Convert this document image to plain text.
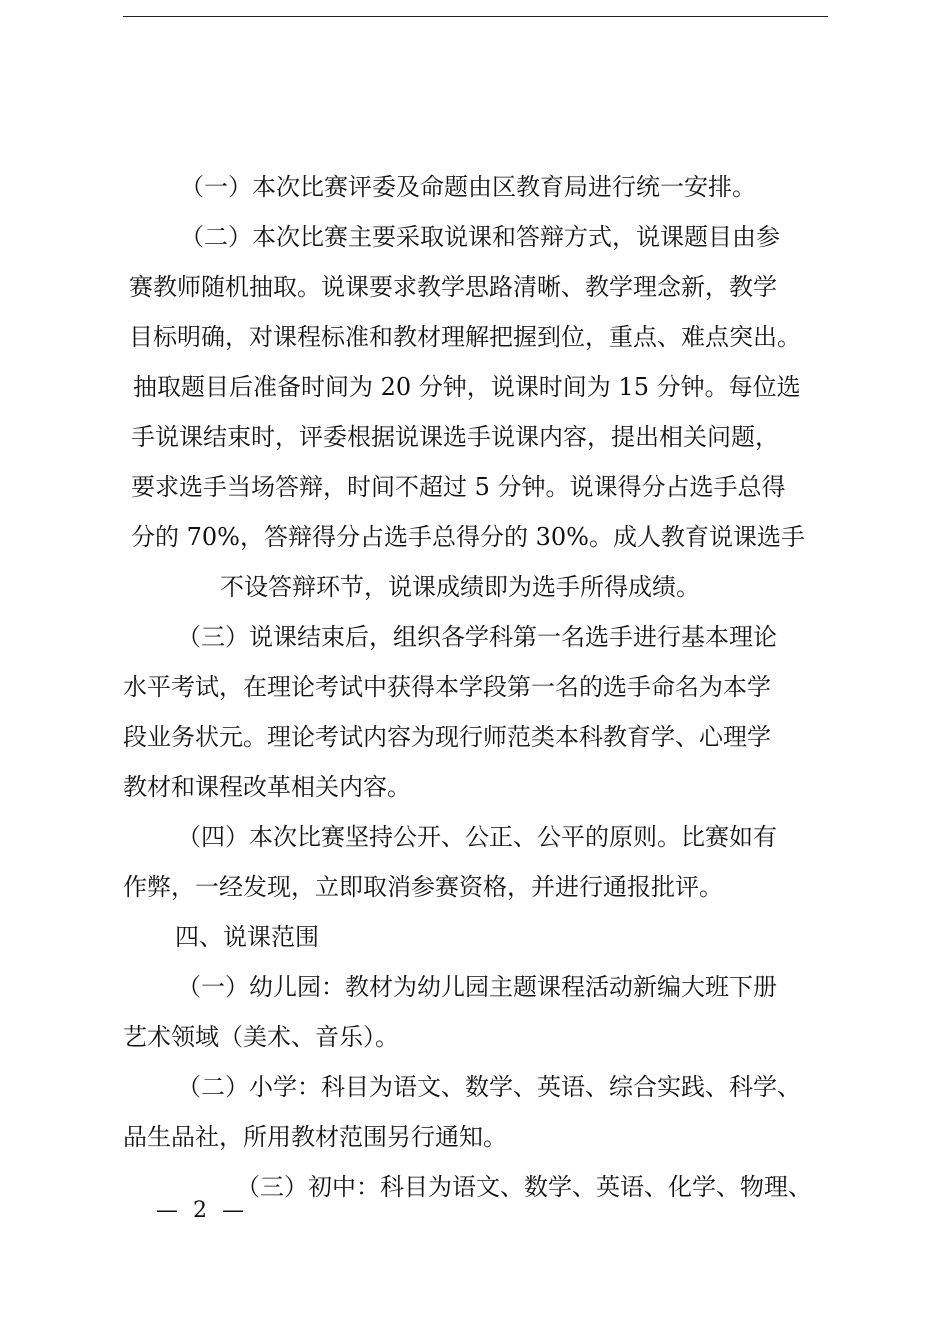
（一）本次比赛评委及命题由区教育局进行统一安排。
（二）本次比赛主要采取说课和答辩方式，说课题目由参
赛教师随机抽取。说课要求教学思路清晰、教学理念新，教学
目标明确，对课程标准和教材理解把握到位，重点、难点突出。
抽取题目后准备时间为 20 分钟，说课时间为 15 分钟。每位选
手说课结束时，评委根据说课选手说课内容，提出相关问题，
要求选手当场答辩，时间不超过 5 分钟。说课得分占选手总得
分的 70%，答辩得分占选手总得分的 30%。成人教育说课选手
不设答辩环节，说课成绩即为选手所得成绩。
（三）说课结束后，组织各学科第一名选手进行基本理论
水平考试，在理论考试中获得本学段第一名的选手命名为本学
段业务状元。理论考试内容为现行师范类本科教育学、心理学
教材和课程改革相关内容。
（四）本次比赛坚持公开、公正、公平的原则。比赛如有
作弊，一经发现，立即取消参赛资格，并进行通报批评。
四、说课范围
（一）幼儿园：教材为幼儿园主题课程活动新编大班下册
艺术领域（美术、音乐）。
（二）小学：科目为语文、数学、英语、综合实践、科学、
品生品社，所用教材范围另行通知。
（三）初中：科目为语文、数学、英语、化学、物理、
— 2 —
